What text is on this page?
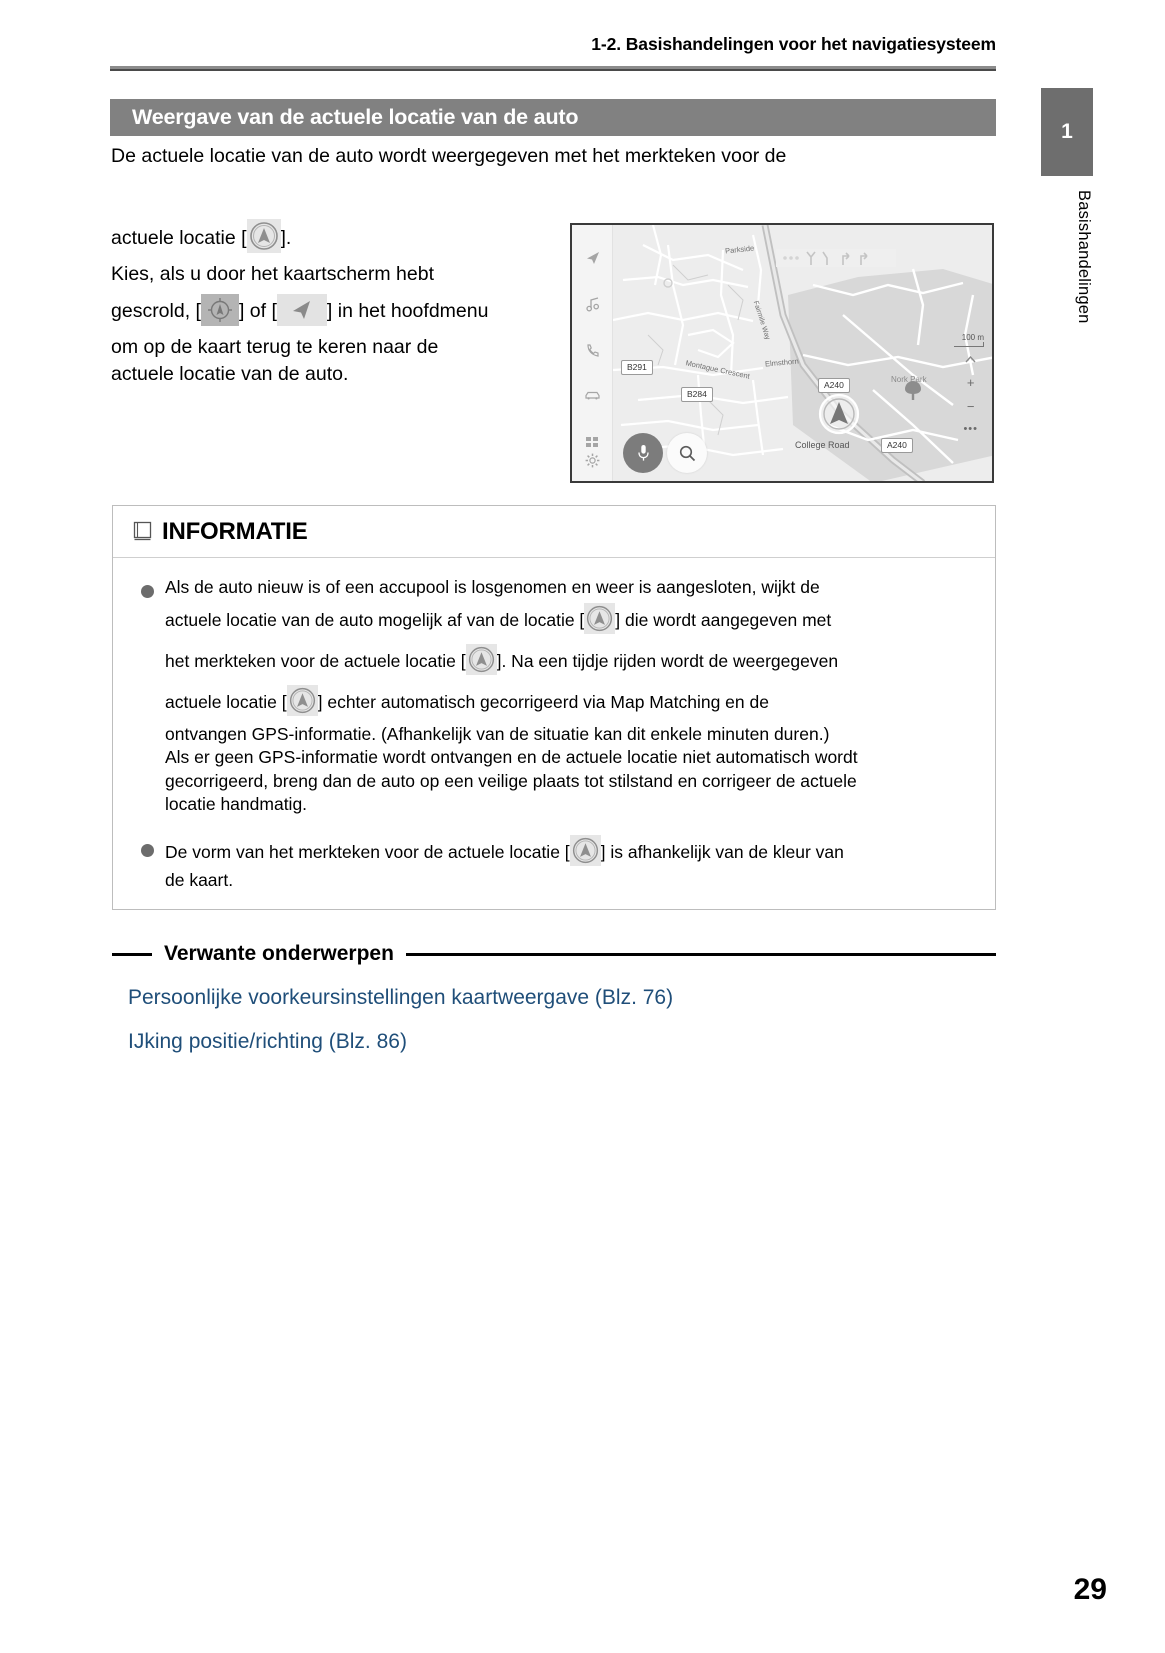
1-2. Basishandelingen voor het navigatiesysteem
1
Basishandelingen
Weergave van de actuele locatie van de auto
De actuele locatie van de auto wordt weergegeven met het merkteken voor de
actuele locatie [ ].
Kies, als u door het kaartscherm hebt
gescrold, [ ] of [	] in het hoofdmenu
om op de kaart terug te keren naar de
actuele locatie van de auto.
Parkside
Fairmile Way
Montague Crescent Elmsthorn
Nork Park
College Road
B291
B284
A240
A240
100 m
+
−
•••
INFORMATIE
Als de auto nieuw is of een accupool is losgenomen en weer is aangesloten, wijkt de
actuele locatie van de auto mogelijk af van de locatie [ ] die wordt aangegeven met
het merkteken voor de actuele locatie [ ]. Na een tijdje rijden wordt de weergegeven
actuele locatie [ ] echter automatisch gecorrigeerd via Map Matching en de
ontvangen GPS-informatie. (Afhankelijk van de situatie kan dit enkele minuten duren.)
Als er geen GPS-informatie wordt ontvangen en de actuele locatie niet automatisch wordt
gecorrigeerd, breng dan de auto op een veilige plaats tot stilstand en corrigeer de actuele
locatie handmatig.
De vorm van het merkteken voor de actuele locatie [ ] is afhankelijk van de kleur van
de kaart.
Verwante onderwerpen
Persoonlijke voorkeursinstellingen kaartweergave (Blz. 76)
IJking positie/richting (Blz. 86)
29
